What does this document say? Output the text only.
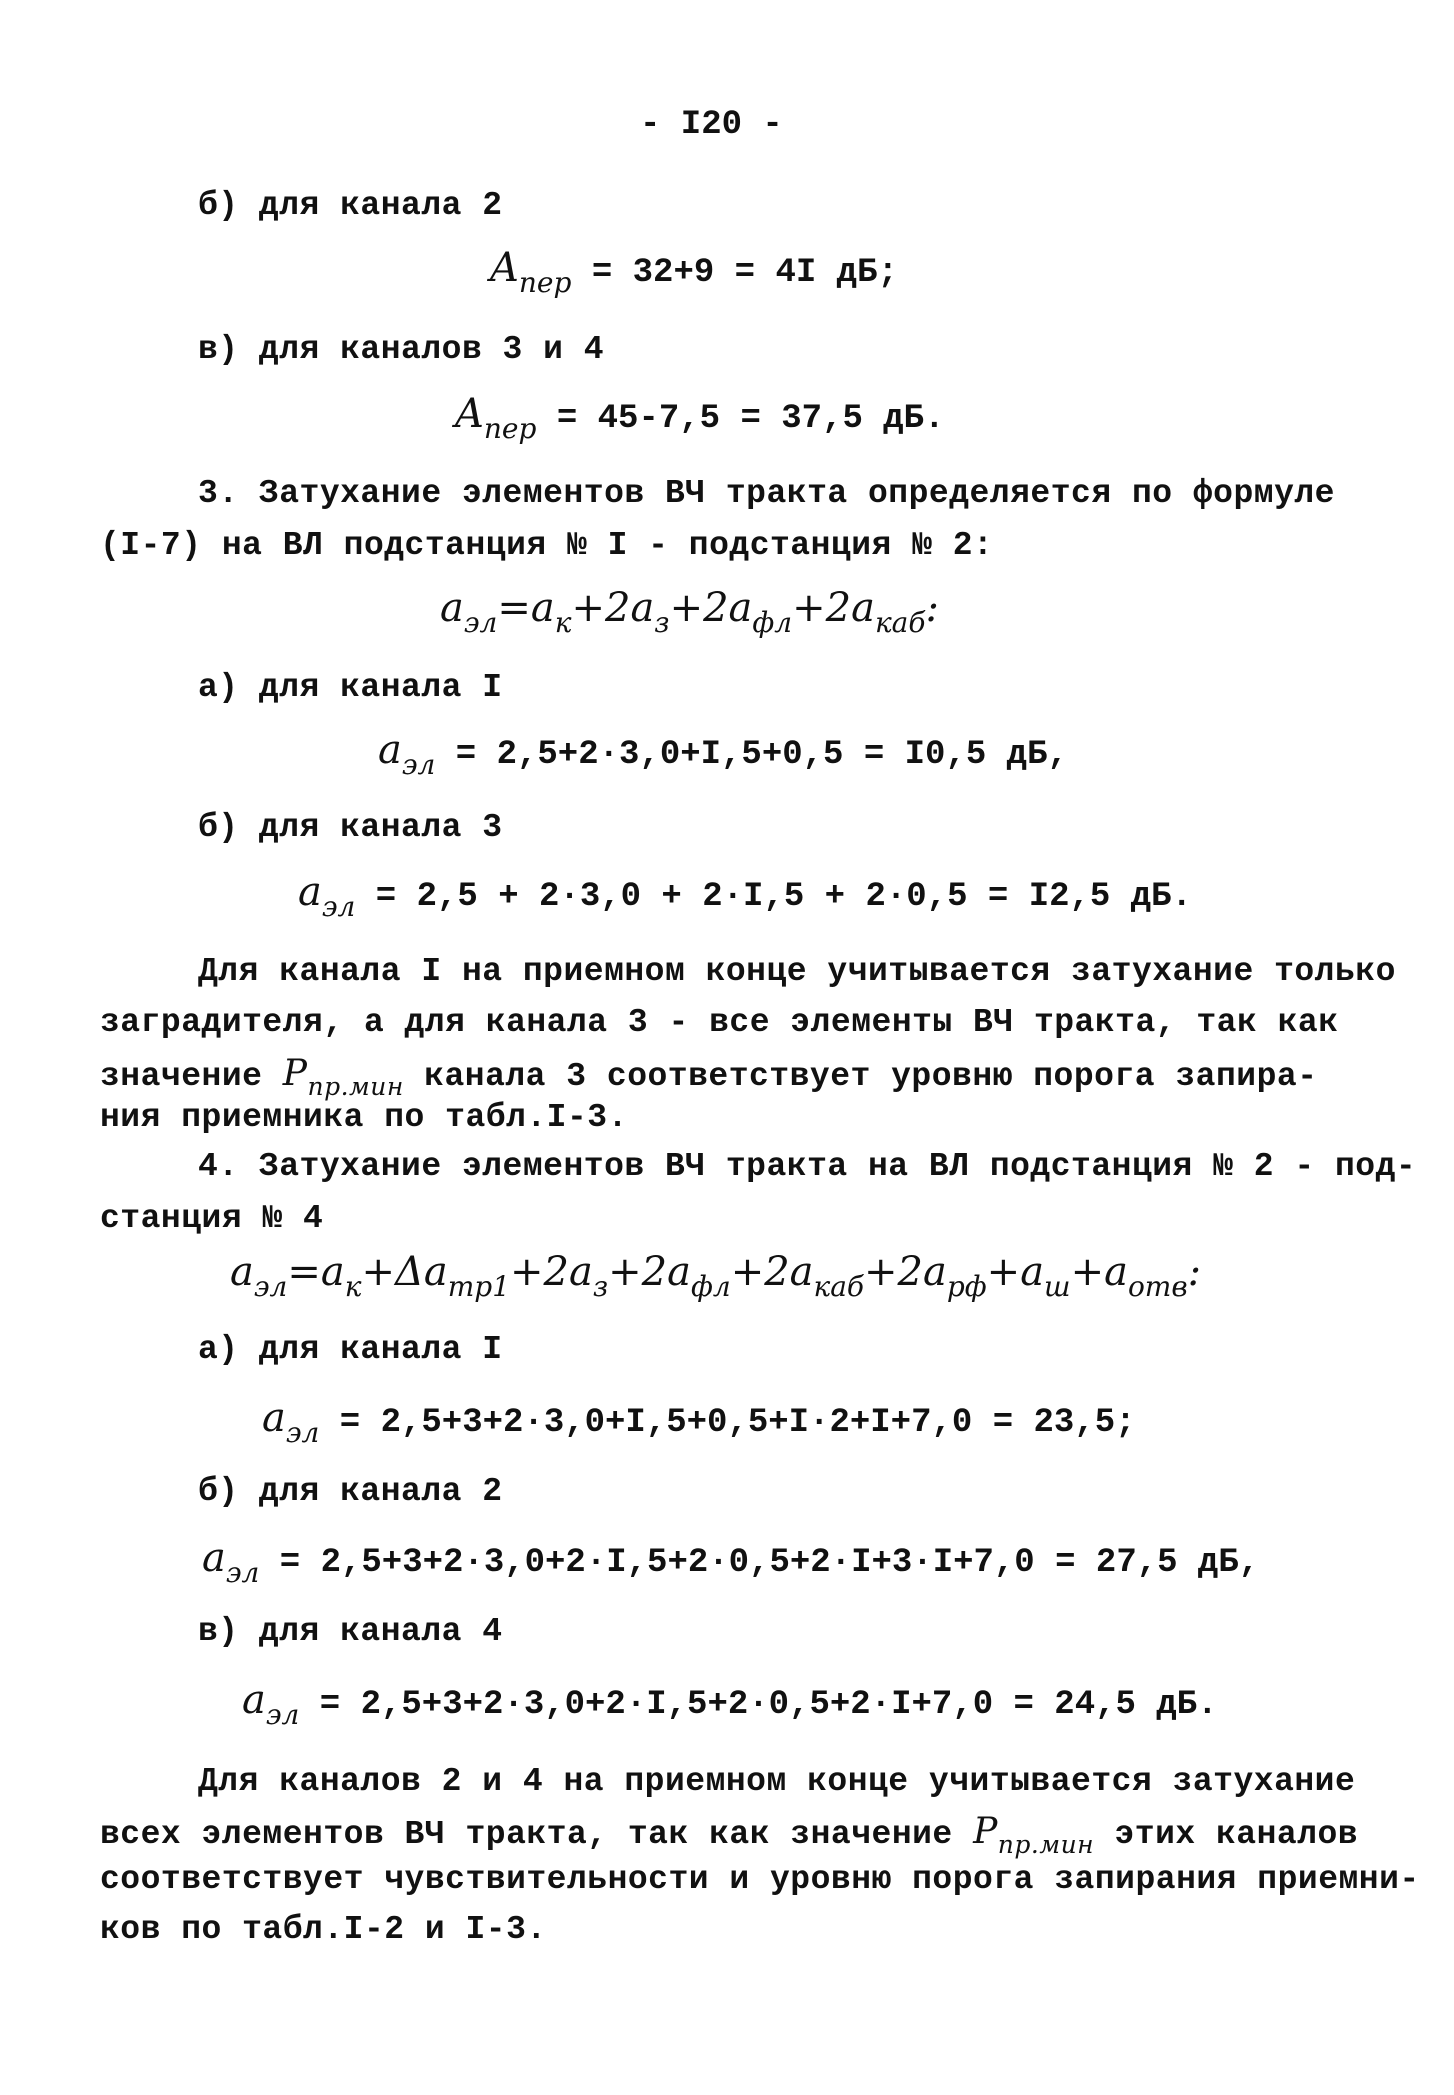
- I20 -
б) для канала 2
$A_{пер} = 32+9 = 4I$ дБ;
в) для каналов 3 и 4
$A_{пер} = 45-7,5 = 37,5$ дБ.
3. Затухание элементов ВЧ тракта определяется по формуле
(I-7) на ВЛ подстанция № I - подстанция № 2:
$a_{эл}=a_к+2a_з+2a_{фл}+2a_{каб}$:
а) для канала I
$a_{эл} = 2,5+2\cdot 3,0+I,5+0,5 = I0,5$ дБ,
б) для канала 3
$a_{эл} = 2,5 + 2\cdot 3,0 + 2\cdot I,5 + 2\cdot 0,5 = I2,5$ дБ.
Для канала I на приемном конце учитывается затухание только
заградителя, а для канала 3 - все элементы ВЧ тракта, так как
значение $P_{пр.мин}$ канала 3 соответствует уровню порога запира-
ния приемника по табл.I-3.
4. Затухание элементов ВЧ тракта на ВЛ подстанция № 2 - под-
станция № 4
$a_{эл}=a_к+\Delta a_{тр1}+2a_з+2a_{фл}+2a_{каб}+2a_{рф}+a_ш+a_{отв}$:
а) для канала I
$a_{эл} = 2,5+3+2\cdot 3,0+I,5+0,5+I\cdot 2+I+7,0 = 23,5$;
б) для канала 2
$a_{эл} = 2,5+3+2\cdot 3,0+2\cdot I,5+2\cdot 0,5+2\cdot I+3\cdot I+7,0 = 27,5$ дБ,
в) для канала 4
$a_{эл} = 2,5+3+2\cdot 3,0+2\cdot I,5+2\cdot 0,5+2\cdot I+7,0 = 24,5$ дБ.
Для каналов 2 и 4 на приемном конце учитывается затухание
всех элементов ВЧ тракта, так как значение $P_{пр.мин}$ этих каналов
соответствует чувствительности и уровню порога запирания приемни-
ков по табл.I-2 и I-3.
